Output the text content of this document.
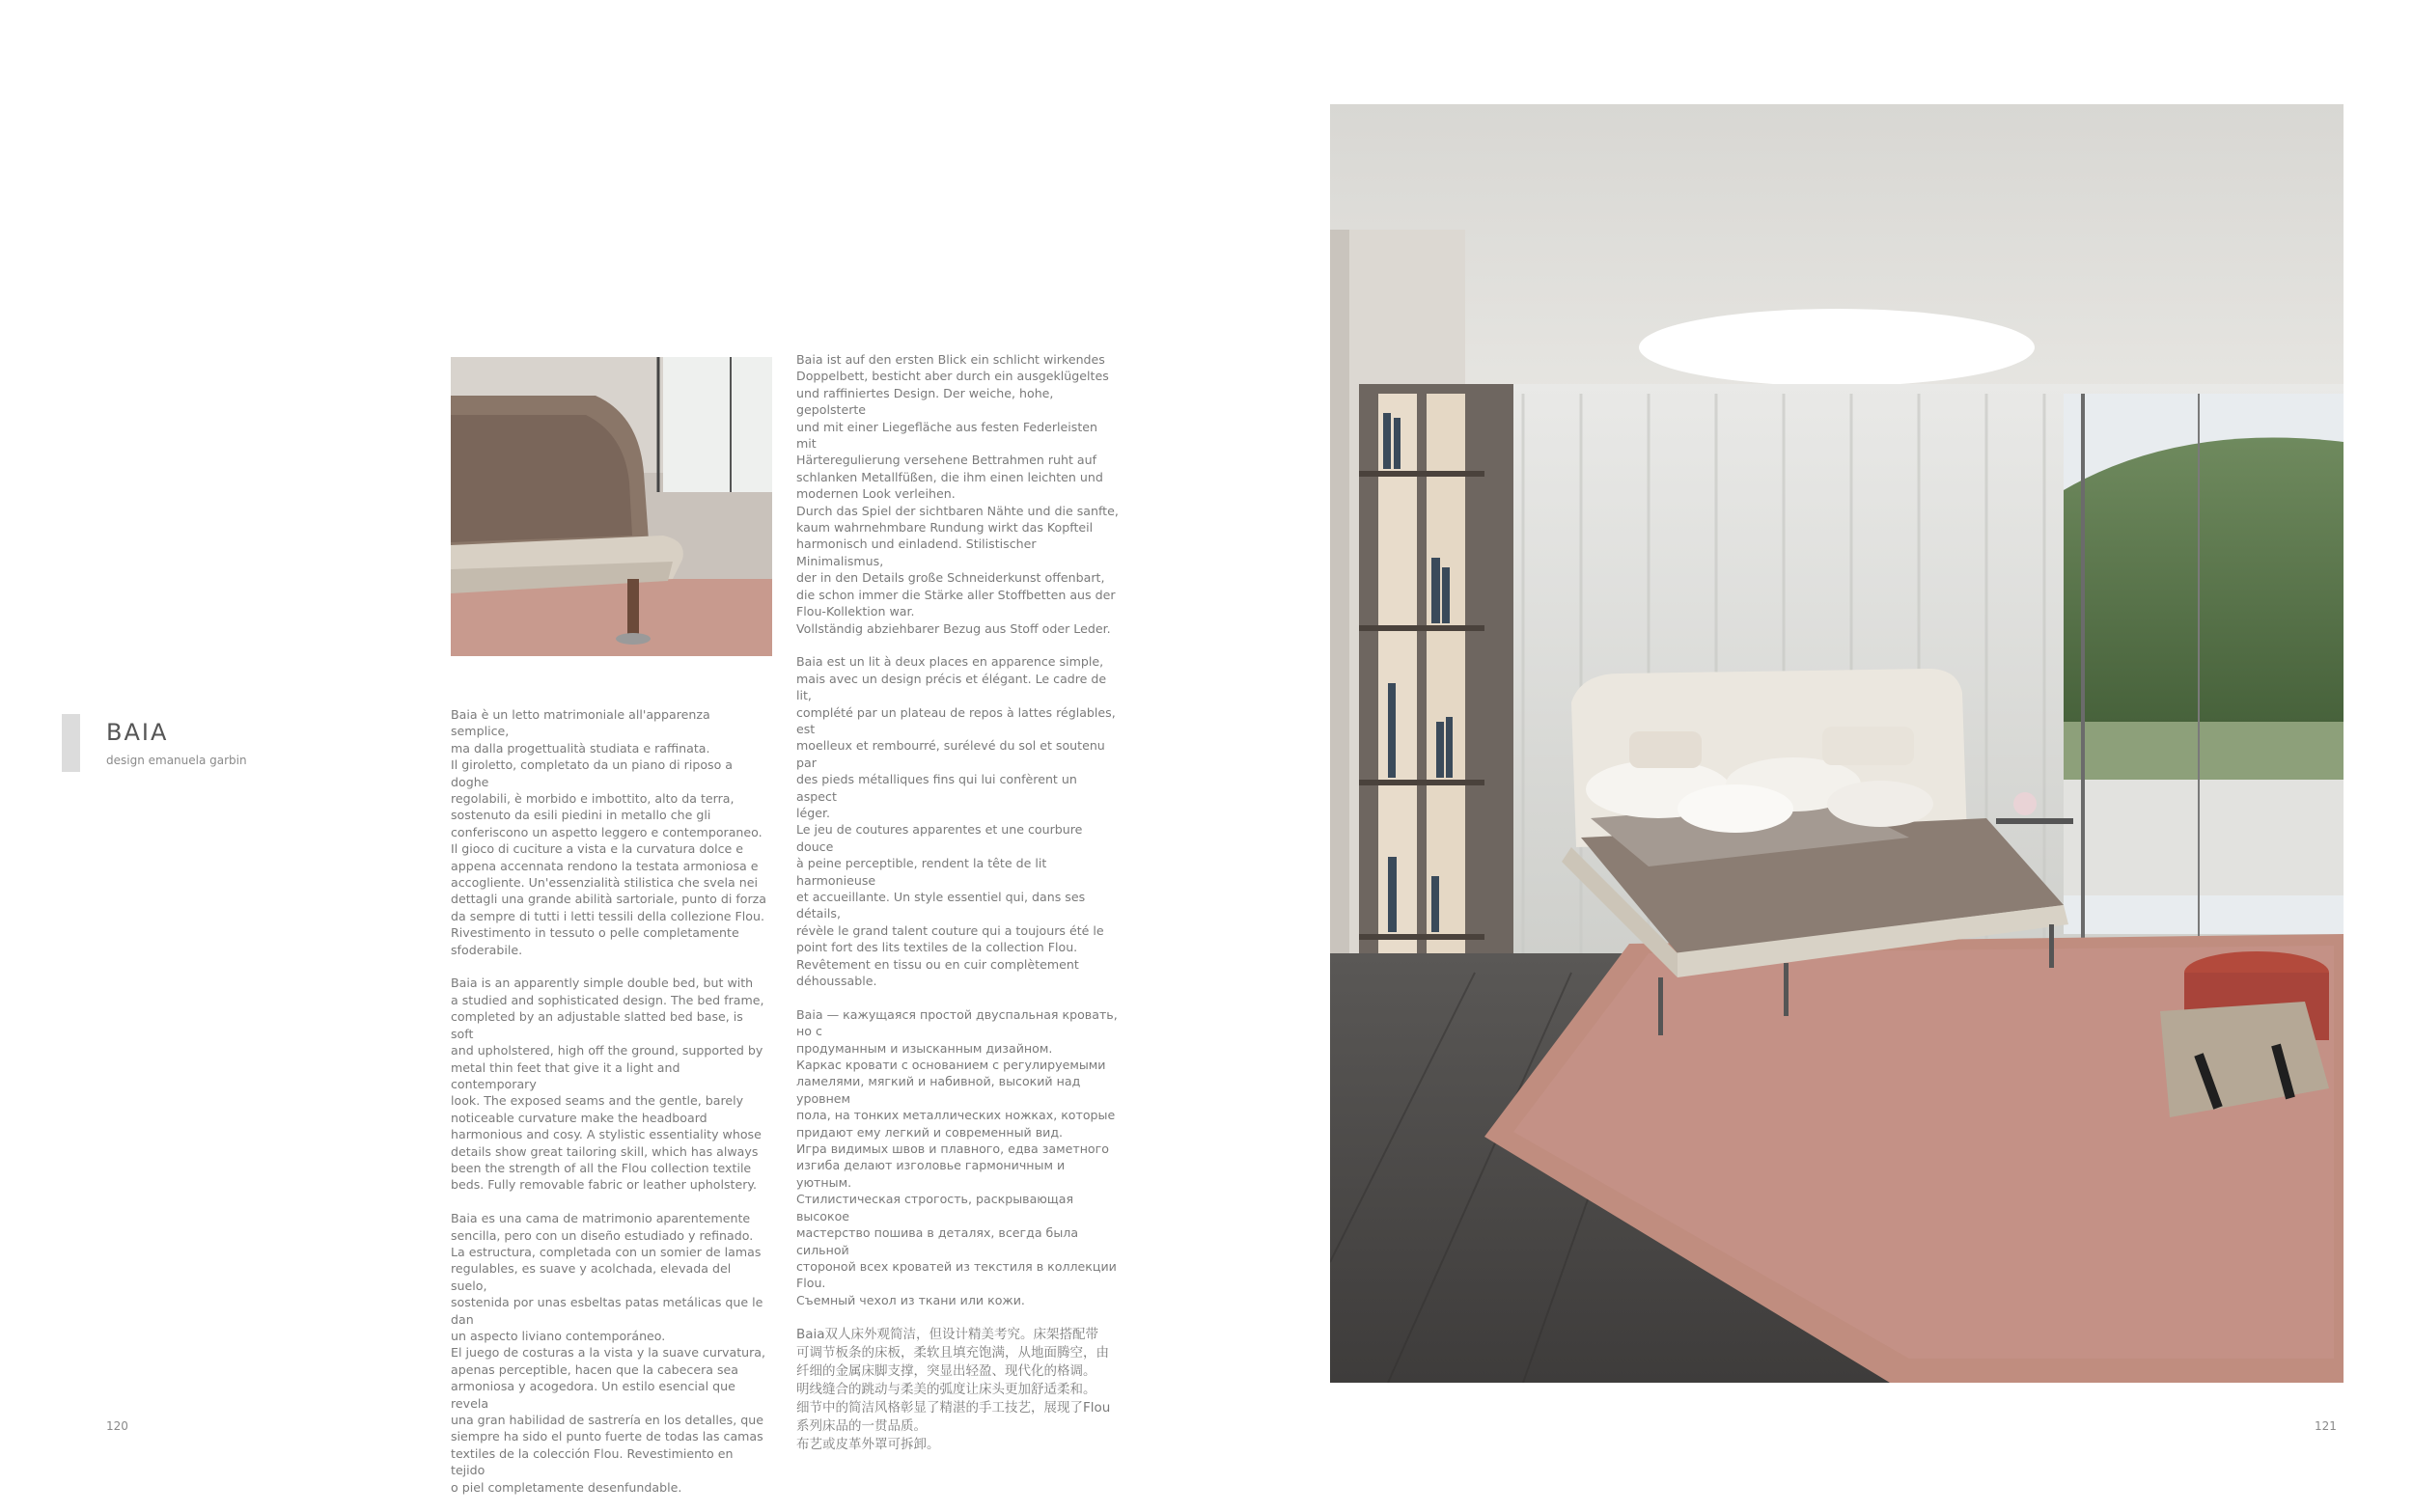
BAIA
design emanuela garbin

Baia è un letto matrimoniale all'apparenza semplice,
ma dalla progettualità studiata e raffinata.
Il giroletto, completato da un piano di riposo a doghe
regolabili, è morbido e imbottito, alto da terra,
sostenuto da esili piedini in metallo che gli
conferiscono un aspetto leggero e contemporaneo.
Il gioco di cuciture a vista e la curvatura dolce e
appena accennata rendono la testata armoniosa e
accogliente. Un'essenzialità stilistica che svela nei
dettagli una grande abilità sartoriale, punto di forza
da sempre di tutti i letti tessili della collezione Flou.
Rivestimento in tessuto o pelle completamente
sfoderabile.

Baia is an apparently simple double bed, but with
a studied and sophisticated design. The bed frame,
completed by an adjustable slatted bed base, is soft
and upholstered, high off the ground, supported by
metal thin feet that give it a light and contemporary
look. The exposed seams and the gentle, barely
noticeable curvature make the headboard
harmonious and cosy. A stylistic essentiality whose
details show great tailoring skill, which has always
been the strength of all the Flou collection textile
beds. Fully removable fabric or leather upholstery.

Baia es una cama de matrimonio aparentemente
sencilla, pero con un diseño estudiado y refinado.
La estructura, completada con un somier de lamas
regulables, es suave y acolchada, elevada del suelo,
sostenida por unas esbeltas patas metálicas que le dan
un aspecto liviano contemporáneo.
El juego de costuras a la vista y la suave curvatura,
apenas perceptible, hacen que la cabecera sea
armoniosa y acogedora. Un estilo esencial que revela
una gran habilidad de sastrería en los detalles, que
siempre ha sido el punto fuerte de todas las camas
textiles de la colección Flou. Revestimiento en tejido
o piel completamente desenfundable.

Baia ist auf den ersten Blick ein schlicht wirkendes
Doppelbett, besticht aber durch ein ausgeklügeltes
und raffiniertes Design. Der weiche, hohe, gepolsterte
und mit einer Liegefläche aus festen Federleisten mit
Härteregulierung versehene Bettrahmen ruht auf
schlanken Metallfüßen, die ihm einen leichten und
modernen Look verleihen.
Durch das Spiel der sichtbaren Nähte und die sanfte,
kaum wahrnehmbare Rundung wirkt das Kopfteil
harmonisch und einladend. Stilistischer Minimalismus,
der in den Details große Schneiderkunst offenbart,
die schon immer die Stärke aller Stoffbetten aus der
Flou-Kollektion war.
Vollständig abziehbarer Bezug aus Stoff oder Leder.

Baia est un lit à deux places en apparence simple,
mais avec un design précis et élégant. Le cadre de lit,
complété par un plateau de repos à lattes réglables, est
moelleux et rembourré, surélevé du sol et soutenu par
des pieds métalliques fins qui lui confèrent un aspect
léger.
Le jeu de coutures apparentes et une courbure douce
à peine perceptible, rendent la tête de lit harmonieuse
et accueillante. Un style essentiel qui, dans ses détails,
révèle le grand talent couture qui a toujours été le
point fort des lits textiles de la collection Flou.
Revêtement en tissu ou en cuir complètement
déhoussable.

Baia — кажущаяся простой двуспальная кровать, но с
продуманным и изысканным дизайном.
Каркас кровати с основанием с регулируемыми
ламелями, мягкий и набивной, высокий над уровнем
пола, на тонких металлических ножках, которые
придают ему легкий и современный вид.
Игра видимых швов и плавного, едва заметного
изгиба делают изголовье гармоничным и уютным.
Стилистическая строгость, раскрывающая высокое
мастерство пошива в деталях, всегда была сильной
стороной всех кроватей из текстиля в коллекции Flou.
Съемный чехол из ткани или кожи.

Baia双人床外观简洁，但设计精美考究。床架搭配带
可调节板条的床板，柔软且填充饱满，从地面腾空，由
纤细的金属床脚支撑，突显出轻盈、现代化的格调。
明线缝合的跳动与柔美的弧度让床头更加舒适柔和。
细节中的简洁风格彰显了精湛的手工技艺，展现了Flou
系列床品的一贯品质。
布艺或皮革外罩可拆卸。

120	121
